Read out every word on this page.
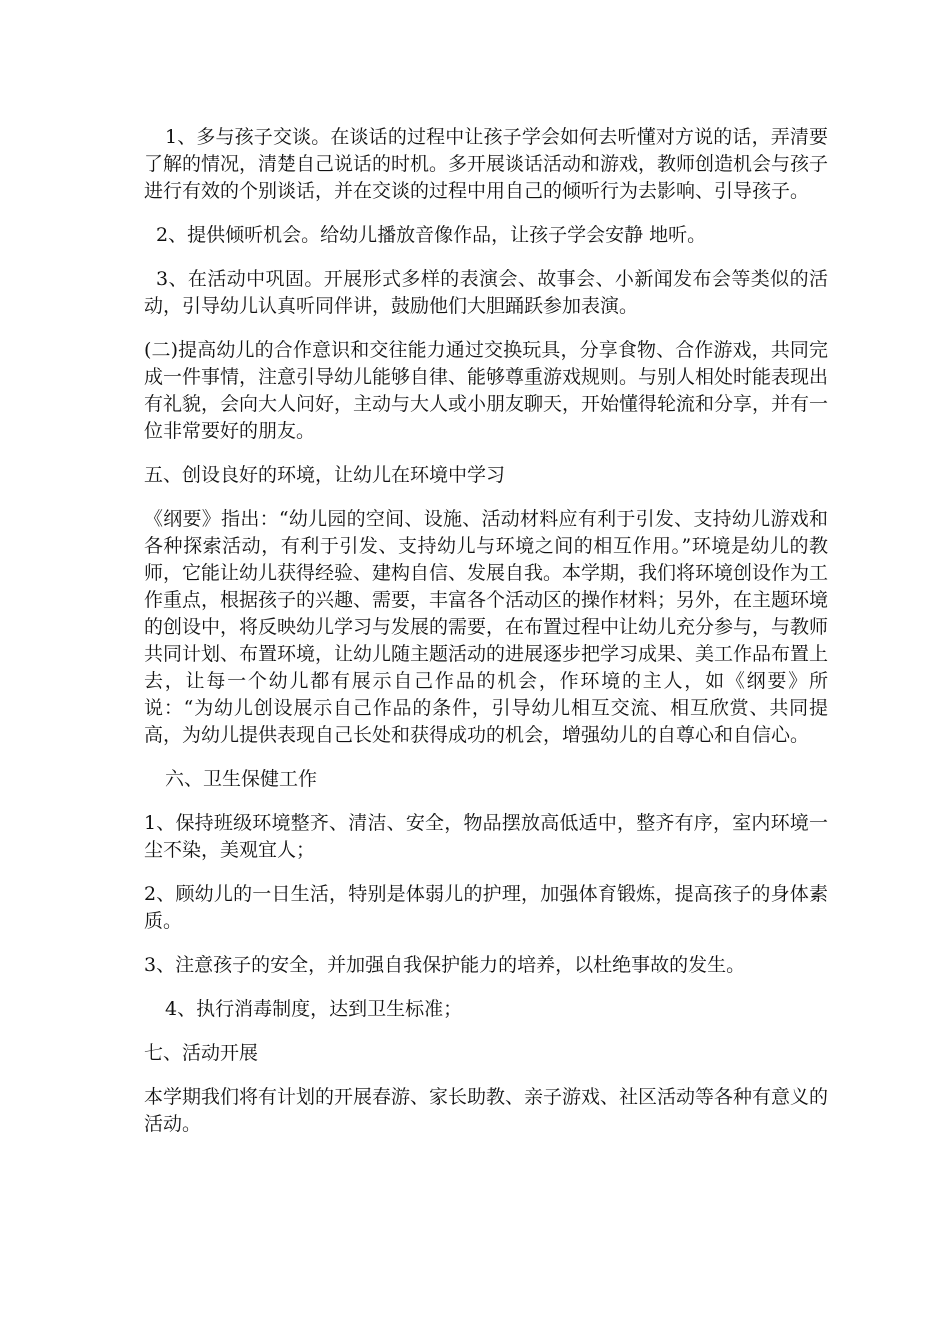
1、多与孩子交谈。在谈话的过程中让孩子学会如何去听懂对方说的话，弄清要了解的情况，清楚自己说话的时机。多开展谈话活动和游戏，教师创造机会与孩子进行有效的个别谈话，并在交谈的过程中用自己的倾听行为去影响、引导孩子。

2、提供倾听机会。给幼儿播放音像作品，让孩子学会安静 地听。

3、在活动中巩固。开展形式多样的表演会、故事会、小新闻发布会等类似的活动，引导幼儿认真听同伴讲，鼓励他们大胆踊跃参加表演。

(二)提高幼儿的合作意识和交往能力通过交换玩具，分享食物、合作游戏，共同完成一件事情，注意引导幼儿能够自律、能够尊重游戏规则。与别人相处时能表现出有礼貌，会向大人问好，主动与大人或小朋友聊天，开始懂得轮流和分享，并有一位非常要好的朋友。

五、创设良好的环境，让幼儿在环境中学习

《纲要》指出：“幼儿园的空间、设施、活动材料应有利于引发、支持幼儿游戏和各种探索活动，有利于引发、支持幼儿与环境之间的相互作用。”环境是幼儿的教师，它能让幼儿获得经验、建构自信、发展自我。本学期，我们将环境创设作为工作重点，根据孩子的兴趣、需要，丰富各个活动区的操作材料；另外，在主题环境的创设中，将反映幼儿学习与发展的需要，在布置过程中让幼儿充分参与，与教师共同计划、布置环境，让幼儿随主题活动的进展逐步把学习成果、美工作品布置上去，让每一个幼儿都有展示自己作品的机会，作环境的主人，如《纲要》所说：“为幼儿创设展示自己作品的条件，引导幼儿相互交流、相互欣赏、共同提高，为幼儿提供表现自己长处和获得成功的机会，增强幼儿的自尊心和自信心。

六、卫生保健工作

1、保持班级环境整齐、清洁、安全，物品摆放高低适中，整齐有序，室内环境一尘不染，美观宜人；

2、顾幼儿的一日生活，特别是体弱儿的护理，加强体育锻炼，提高孩子的身体素质。

3、注意孩子的安全，并加强自我保护能力的培养，以杜绝事故的发生。

4、执行消毒制度，达到卫生标准；

七、活动开展

本学期我们将有计划的开展春游、家长助教、亲子游戏、社区活动等各种有意义的活动。
